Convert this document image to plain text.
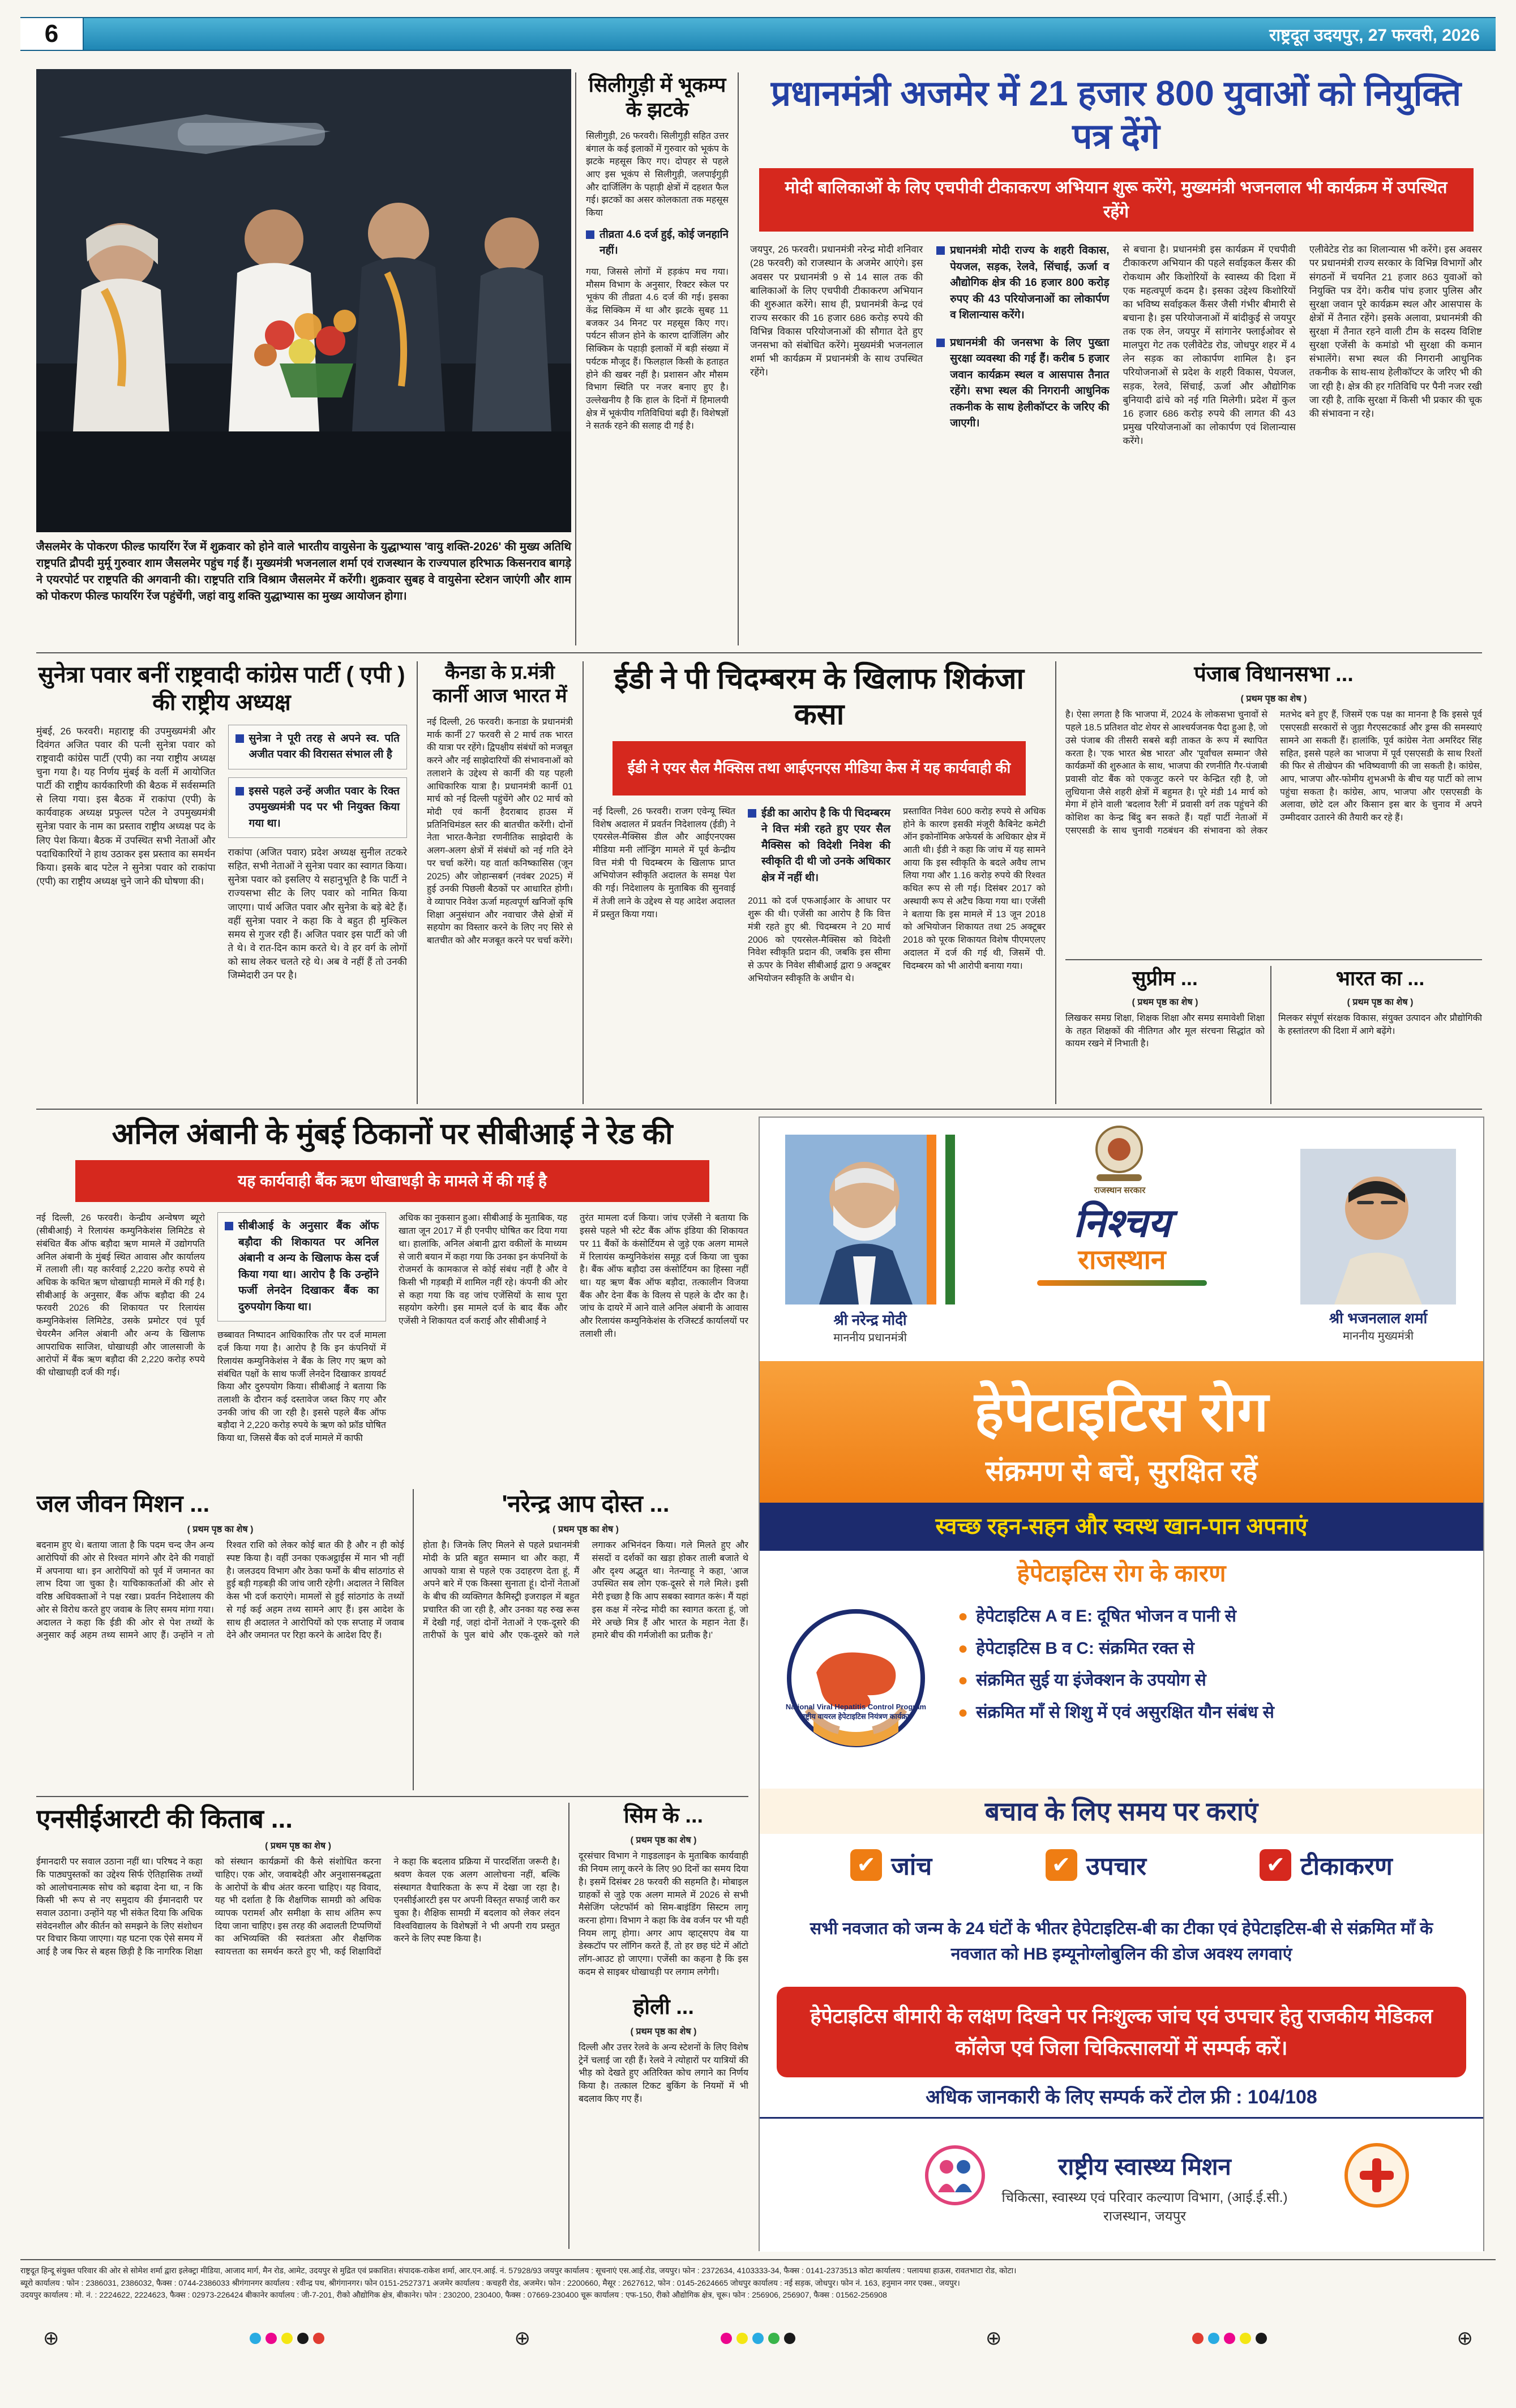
6	राष्ट्रदूत उदयपुर, 27 फरवरी, 2026
जैसलमेर के पोकरण फील्ड फायरिंग रेंज में शुक्रवार को होने वाले भारतीय वायुसेना के युद्धाभ्यास 'वायु शक्ति-2026' की मुख्य अतिथि राष्ट्रपति द्रौपदी मुर्मू गुरुवार शाम जैसलमेर पहुंच गई हैं। मुख्यमंत्री भजनलाल शर्मा एवं राजस्थान के राज्यपाल हरिभाऊ किसनराव बागड़े ने एयरपोर्ट पर राष्ट्रपति की अगवानी की। राष्ट्रपति रात्रि विश्राम जैसलमेर में करेंगी। शुक्रवार सुबह वे वायुसेना स्टेशन जाएंगी और शाम को पोकरण फील्ड फायरिंग रेंज पहुंचेंगी, जहां वायु शक्ति युद्धाभ्यास का मुख्य आयोजन होगा।
सिलीगुड़ी में भूकम्प के झटके
सिलीगुड़ी, 26 फरवरी। सिलीगुड़ी सहित उत्तर बंगाल के कई इलाकों में गुरुवार को भूकंप के झटके महसूस किए गए। दोपहर से पहले आए इस भूकंप से सिलीगुड़ी, जलपाईगुड़ी और दार्जिलिंग के पहाड़ी क्षेत्रों में दहशत फैल गई। झटकों का असर कोलकाता तक महसूस किया
तीव्रता 4.6 दर्ज हुई, कोई जनहानि नहीं।
गया, जिससे लोगों में हड़कंप मच गया। मौसम विभाग के अनुसार, रिक्टर स्केल पर भूकंप की तीव्रता 4.6 दर्ज की गई। इसका केंद्र सिक्किम में था और झटके सुबह 11 बजकर 34 मिनट पर महसूस किए गए। पर्यटन सीजन होने के कारण दार्जिलिंग और सिक्किम के पहाड़ी इलाकों में बड़ी संख्या में पर्यटक मौजूद हैं। फिलहाल किसी के हताहत होने की खबर नहीं है। प्रशासन और मौसम विभाग स्थिति पर नजर बनाए हुए है। उल्लेखनीय है कि हाल के दिनों में हिमालयी क्षेत्र में भूकंपीय गतिविधियां बढ़ी हैं। विशेषज्ञों ने सतर्क रहने की सलाह दी गई है।
प्रधानमंत्री अजमेर में 21 हजार 800 युवाओं को नियुक्ति पत्र देंगे
मोदी बालिकाओं के लिए एचपीवी टीकाकरण अभियान शुरू करेंगे, मुख्यमंत्री भजनलाल भी कार्यक्रम में उपस्थित रहेंगे
जयपुर, 26 फरवरी। प्रधानमंत्री नरेन्द्र मोदी शनिवार (28 फरवरी) को राजस्थान के अजमेर आएंगे। इस अवसर पर प्रधानमंत्री 9 से 14 साल तक की बालिकाओं के लिए एचपीवी टीकाकरण अभियान की शुरुआत करेंगे। साथ ही, प्रधानमंत्री केन्द्र एवं राज्य सरकार की 16 हजार 686 करोड़ रुपये की विभिन्न विकास परियोजनाओं की सौगात देते हुए जनसभा को संबोधित करेंगे। मुख्यमंत्री भजनलाल शर्मा भी कार्यक्रम में प्रधानमंत्री के साथ उपस्थित रहेंगे।
प्रधानमंत्री मोदी राज्य के शहरी विकास, पेयजल, सड़क, रेलवे, सिंचाई, ऊर्जा व औद्योगिक क्षेत्र की 16 हजार 800 करोड़ रुपए की 43 परियोजनाओं का लोकार्पण व शिलान्यास करेंगे।
प्रधानमंत्री की जनसभा के लिए पुख्ता सुरक्षा व्यवस्था की गई हैं। करीब 5 हजार जवान कार्यक्रम स्थल व आसपास तैनात रहेंगे। सभा स्थल की निगरानी आधुनिक तकनीक के साथ हेलीकॉप्टर के जरिए की जाएगी।
से बचाना है। प्रधानमंत्री इस कार्यक्रम में एचपीवी टीकाकरण अभियान की पहले सर्वाइकल कैंसर की रोकथाम और किशोरियों के स्वास्थ्य की दिशा में एक महत्वपूर्ण कदम है। इसका उद्देश्य किशोरियों का भविष्य सर्वाइकल कैंसर जैसी गंभीर बीमारी से बचाना है। इस परियोजनाओं में बांदीकुई से जयपुर तक एक लेन, जयपुर में सांगानेर फ्लाईओवर से मालपुरा गेट तक एलीवेटेड रोड, जोधपुर शहर में 4 लेन सड़क का लोकार्पण शामिल है। इन परियोजनाओं से प्रदेश के शहरी विकास, पेयजल, सड़क, रेलवे, सिंचाई, ऊर्जा और औद्योगिक बुनियादी ढांचे को नई गति मिलेगी। प्रदेश में कुल 16 हजार 686 करोड़ रुपये की लागत की 43 प्रमुख परियोजनाओं का लोकार्पण एवं शिलान्यास करेंगे।
एलीवेटेड रोड का शिलान्यास भी करेंगे। इस अवसर पर प्रधानमंत्री राज्य सरकार के विभिन्न विभागों और संगठनों में चयनित 21 हजार 863 युवाओं को नियुक्ति पत्र देंगे। करीब पांच हजार पुलिस और सुरक्षा जवान पूरे कार्यक्रम स्थल और आसपास के क्षेत्रों में तैनात रहेंगे। इसके अलावा, प्रधानमंत्री की सुरक्षा में तैनात रहने वाली टीम के सदस्य विशिष्ट सुरक्षा एजेंसी के कमांडो भी सुरक्षा की कमान संभालेंगे। सभा स्थल की निगरानी आधुनिक तकनीक के साथ-साथ हेलीकॉप्टर के जरिए भी की जा रही है। क्षेत्र की हर गतिविधि पर पैनी नजर रखी जा रही है, ताकि सुरक्षा में किसी भी प्रकार की चूक की संभावना न रहे।
सुनेत्रा पवार बनीं राष्ट्रवादी कांग्रेस पार्टी ( एपी ) की राष्ट्रीय अध्यक्ष
मुंबई, 26 फरवरी। महाराष्ट्र की उपमुख्यमंत्री और दिवंगत अजित पवार की पत्नी सुनेत्रा पवार को राष्ट्रवादी कांग्रेस पार्टी (एपी) का नया राष्ट्रीय अध्यक्ष चुना गया है। यह निर्णय मुंबई के वर्ली में आयोजित पार्टी की राष्ट्रीय कार्यकारिणी की बैठक में सर्वसम्मति से लिया गया। इस बैठक में राकांपा (एपी) के कार्यवाहक अध्यक्ष प्रफुल्ल पटेल ने उपमुख्यमंत्री सुनेत्रा पवार के नाम का प्रस्ताव राष्ट्रीय अध्यक्ष पद के लिए पेश किया। बैठक में उपस्थित सभी नेताओं और पदाधिकारियों ने हाथ उठाकर इस प्रस्ताव का समर्थन किया। इसके बाद पटेल ने सुनेत्रा पवार को राकांपा (एपी) का राष्ट्रीय अध्यक्ष चुने जाने की घोषणा की।
सुनेत्रा ने पूरी तरह से अपने स्व. पति अजीत पवार की विरासत संभाल ली है
इससे पहले उन्हें अजीत पवार के रिक्त उपमुख्यमंत्री पद पर भी नियुक्त किया गया था।
राकांपा (अजित पवार) प्रदेश अध्यक्ष सुनील तटकरे सहित, सभी नेताओं ने सुनेत्रा पवार का स्वागत किया। सुनेत्रा पवार को इसलिए ये सहानुभूति है कि पार्टी ने राज्यसभा सीट के लिए पवार को नामित किया जाएगा। पार्थ अजित पवार और सुनेत्रा के बड़े बेटे हैं। वहीं सुनेत्रा पवार ने कहा कि वे बहुत ही मुश्किल समय से गुजर रही हैं। अजित पवार इस पार्टी को जी ते थे। वे रात-दिन काम करते थे। वे हर वर्ग के लोगों को साथ लेकर चलते रहे थे। अब वे नहीं हैं तो उनकी जिम्मेदारी उन पर है।
कैनडा के प्र.मंत्री कार्नी आज भारत में
नई दिल्ली, 26 फरवरी। कनाडा के प्रधानमंत्री मार्क कार्नी 27 फरवरी से 2 मार्च तक भारत की यात्रा पर रहेंगे। द्विपक्षीय संबंधों को मजबूत करने और नई साझेदारियों की संभावनाओं को तलाशने के उद्देश्य से कार्नी की यह पहली आधिकारिक यात्रा है। प्रधानमंत्री कार्नी 01 मार्च को नई दिल्ली पहुंचेंगे और 02 मार्च को मोदी एवं कार्नी हैदराबाद हाउस में प्रतिनिधिमंडल स्तर की बातचीत करेंगी। दोनों नेता भारत-कैनेडा रणनीतिक साझेदारी के अलग-अलग क्षेत्रों में संबंधों को नई गति देने पर चर्चा करेंगे। यह वार्ता कनिष्कासिस (जून 2025) और जोहान्सबर्ग (नवंबर 2025) में हुई उनकी पिछली बैठकों पर आधारित होगी। वे व्यापार निवेश ऊर्जा महत्वपूर्ण खनिजों कृषि शिक्षा अनुसंधान और नवाचार जैसे क्षेत्रों में सहयोग का विस्तार करने के लिए नए सिरे से बातचीत को और मजबूत करने पर चर्चा करेंगे।
ईडी ने पी चिदम्बरम के खिलाफ शिकंजा कसा
ईडी ने एयर सैल मैक्सिस तथा आईएनएस मीडिया केस में यह कार्यवाही की
नई दिल्ली, 26 फरवरी। राजग एवेन्यू स्थित विशेष अदालत में प्रवर्तन निदेशालय (ईडी) ने एयरसेल-मैक्सिस डील और आईएनएक्स मीडिया मनी लॉन्ड्रिंग मामले में पूर्व केन्द्रीय वित्त मंत्री पी चिदम्बरम के खिलाफ प्राप्त अभियोजन स्वीकृति अदालत के समक्ष पेश की गई। निदेशालय के मुताबिक की सुनवाई में तेजी लाने के उद्देश्य से यह आदेश अदालत में प्रस्तुत किया गया।
ईडी का आरोप है कि पी चिदम्बरम ने वित्त मंत्री रहते हुए एयर सैल मैक्सिस को विदेशी निवेश की स्वीकृति दी थी जो उनके अधिकार क्षेत्र में नहीं थी।
2011 को दर्ज एफआईआर के आधार पर शुरू की थी। एजेंसी का आरोप है कि वित्त मंत्री रहते हुए श्री. चिदम्बरम ने 20 मार्च 2006 को एयरसेल-मैक्सिस को विदेशी निवेश स्वीकृति प्रदान की, जबकि इस सीमा से ऊपर के निवेश सीबीआई द्वारा 9 अक्टूबर अभियोजन स्वीकृति के अधीन थे।
प्रस्तावित निवेश 600 करोड़ रुपये से अधिक होने के कारण इसकी मंजूरी कैबिनेट कमेटी ऑन इकोनॉमिक अफेयर्स के अधिकार क्षेत्र में आती थी। ईडी ने कहा कि जांच में यह सामने आया कि इस स्वीकृति के बदले अवैध लाभ लिया गया और 1.16 करोड़ रुपये की रिश्वत कथित रूप से ली गई। दिसंबर 2017 को अस्थायी रूप से अटैच किया गया था। एजेंसी ने बताया कि इस मामले में 13 जून 2018 को अभियोजन शिकायत तथा 25 अक्टूबर 2018 को पूरक शिकायत विशेष पीएमएलए अदालत में दर्ज की गई थी, जिसमें पी. चिदम्बरम को भी आरोपी बनाया गया।
पंजाब विधानसभा ...
( प्रथम पृष्ठ का शेष )
है। ऐसा लगता है कि भाजपा में, 2024 के लोकसभा चुनावों से पहले 18.5 प्रतिशत वोट शेयर से आश्चर्यजनक पैदा हुआ है, जो उसे पंजाब की तीसरी सबसे बड़ी ताकत के रूप में स्थापित करता है। 'एक भारत श्रेष्ठ भारत' और 'पूर्वांचल सम्मान' जैसे कार्यक्रमों की शुरुआत के साथ, भाजपा की रणनीति गैर-पंजाबी प्रवासी वोट बैंक को एकजुट करने पर केन्द्रित रही है, जो लुधियाना जैसे शहरी क्षेत्रों में बहुमत है। पूरे मंडी 14 मार्च को मेगा में होने वाली 'बदलाव रैली' में प्रवासी वर्ग तक पहुंचने की कोशिश का केन्द्र बिंदु बन सकते हैं। यहाँ पार्टी नेताओं में एसएसडी के साथ चुनावी गठबंधन की संभावना को लेकर मतभेद बने हुए हैं, जिसमें एक पक्ष का मानना है कि इससे पूर्व एसएसडी सरकारों से जुड़ा गैरएसटकार्ड और ड्रग्स की समस्याएं सामने आ सकती हैं। हालांकि, पूर्व कांग्रेस नेता अमरिंदर सिंह सहित, इससे पहले का भाजपा में पूर्व एसएसडी के साथ रिश्तों की फिर से तीखेपन की भविष्यवाणी की जा सकती है। कांग्रेस, आप, भाजपा और-फोमीय शुभअभी के बीच यह पार्टी को लाभ पहुंचा सकता है। कांग्रेस, आप, भाजपा और एसएसडी के अलावा, छोटे दल और किसान इस बार के चुनाव में अपने उम्मीदवार उतारने की तैयारी कर रहे हैं।
सुप्रीम ...
( प्रथम पृष्ठ का शेष )
लिखकर समग्र शिक्षा, शिक्षक शिक्षा और समग्र समावेशी शिक्षा के तहत शिक्षकों की नीतिगत और मूल संरचना सिद्धांत को कायम रखने में निभाती है।
भारत का ...
( प्रथम पृष्ठ का शेष )
मिलकर संपूर्ण संरक्षक विकास, संयुक्त उत्पादन और प्रौद्योगिकी के हस्तांतरण की दिशा में आगे बढ़ेंगे।
अनिल अंबानी के मुंबई ठिकानों पर सीबीआई ने रेड की
यह कार्यवाही बैंक ऋण धोखाधड़ी के मामले में की गई है
नई दिल्ली, 26 फरवरी। केन्द्रीय अन्वेषण ब्यूरो (सीबीआई) ने रिलायंस कम्युनिकेशंस लिमिटेड से संबंधित बैंक ऑफ बड़ौदा ऋण मामले में उद्योगपति अनिल अंबानी के मुंबई स्थित आवास और कार्यालय में तलाशी ली। यह कार्रवाई 2,220 करोड़ रुपये से अधिक के कथित ऋण धोखाधड़ी मामले में की गई है। सीबीआई के अनुसार, बैंक ऑफ बड़ौदा की 24 फरवरी 2026 की शिकायत पर रिलायंस कम्युनिकेशंस लिमिटेड, उसके प्रमोटर एवं पूर्व चेयरमैन अनिल अंबानी और अन्य के खिलाफ आपराधिक साजिश, धोखाधड़ी और जालसाजी के आरोपों में बैंक ऋण बड़ौदा की 2,220 करोड़ रुपये की धोखाधड़ी दर्ज की गई।
सीबीआई के अनुसार बैंक ऑफ बड़ौदा की शिकायत पर अनिल अंबानी व अन्य के खिलाफ केस दर्ज किया गया था। आरोप है कि उन्होंने फर्जी लेनदेन दिखाकर बैंक का दुरुपयोग किया था।
छब्बावत निष्पादन आधिकारिक तौर पर दर्ज मामला दर्ज किया गया है। आरोप है कि इन कंपनियों में रिलायंस कम्युनिकेशंस ने बैंक के लिए गए ऋण को संबंधित पक्षों के साथ फर्जी लेनदेन दिखाकर डायवर्ट किया और दुरुपयोग किया। सीबीआई ने बताया कि तलाशी के दौरान कई दस्तावेज जब्त किए गए और उनकी जांच की जा रही है। इससे पहले बैंक ऑफ बड़ौदा ने 2,220 करोड़ रुपये के ऋण को फ्रॉड घोषित किया था, जिससे बैंक को दर्ज मामले में काफी
अधिक का नुकसान हुआ। सीबीआई के मुताबिक, यह खाता जून 2017 में ही एनपीए घोषित कर दिया गया था। हालांकि, अनिल अंबानी द्वारा वकीलों के माध्यम से जारी बयान में कहा गया कि उनका इन कंपनियों के रोजमर्रा के कामकाज से कोई संबंध नहीं है और वे किसी भी गड़बड़ी में शामिल नहीं रहे। कंपनी की ओर से कहा गया कि वह जांच एजेंसियों के साथ पूरा सहयोग करेगी। इस मामले दर्ज के बाद बैंक और एजेंसी ने शिकायत दर्ज कराई और सीबीआई ने
तुरंत मामला दर्ज किया। जांच एजेंसी ने बताया कि इससे पहले भी स्टेट बैंक ऑफ इंडिया की शिकायत पर 11 बैंकों के कंसोर्टियम से जुड़े एक अलग मामले में रिलायंस कम्युनिकेशंस समूह दर्ज किया जा चुका है। बैंक ऑफ बड़ौदा उस कंसोर्टियम का हिस्सा नहीं था। यह ऋण बैंक ऑफ बड़ौदा, तत्कालीन विजया बैंक और देना बैंक के विलय से पहले के दौर का है। जांच के दायरे में आने वाले अनिल अंबानी के आवास और रिलायंस कम्युनिकेशंस के रजिस्टर्ड कार्यालयों पर तलाशी ली।
जल जीवन मिशन ...
( प्रथम पृष्ठ का शेष )
बदनाम हुए थे। बताया जाता है कि पदम चन्द जैन अन्य आरोपियों की ओर से रिश्वत मांगने और देने की गवाहों में अपनाया था। इन आरोपियों को पूर्व में जमानत का लाभ दिया जा चुका है। याचिकाकर्ताओं की ओर से वरिष्ठ अधिवक्ताओं ने पक्ष रखा। प्रवर्तन निदेशालय की ओर से विरोध करते हुए जवाब के लिए समय मांगा गया। अदालत ने कहा कि ईडी की ओर से पेश तथ्यों के अनुसार कई अहम तथ्य सामने आए हैं। उन्होंने न तो रिश्वत राशि को लेकर कोई बात की है और न ही कोई स्पष्ट किया है। वहीं उनका एकअट्ठाईस में मान भी नहीं है। जलउदय विभाग और ठेका फर्मों के बीच सांठगांठ से हुई बड़ी गड़बड़ी की जांच जारी रहेगी। अदालत ने सिविल केस भी दर्ज कराएंगे। मामलों से हुई सांठगांठ के तथ्यों से गई कई अहम तथ्य सामने आए हैं। इस आदेश के साथ ही अदालत ने आरोपियों को एक सप्ताह में जवाब देने और जमानत पर रिहा करने के आदेश दिए हैं।
'नरेन्द्र आप दोस्त ...
( प्रथम पृष्ठ का शेष )
होता है। जिनके लिए मिलने से पहले प्रधानमंत्री मोदी के प्रति बहुत सम्मान था और कहा, मैं आपको यात्रा से पहले एक उदाहरण देता हूं, मैं अपने बारे में एक किस्सा सुनाता हूं। दोनों नेताओं के बीच की व्यक्तिगत कैमिस्ट्री इजराइल में बहुत प्रचारित की जा रही है, और उनका यह रुख रूस में देखी गई, जहां दोनों नेताओं ने एक-दूसरे की तारीफों के पुल बांधे और एक-दूसरे को गले लगाकर अभिनंदन किया। गले मिलते हुए और संसदों व दर्शकों का खड़ा होकर ताली बजाते थे और दृश्य अद्भुत था। नेतन्याहू ने कहा, 'आज उपस्थित सब लोग एक-दूसरे से गले मिले। इसी मेरी इच्छा है कि आप सबका स्वागत करूं। मैं यहां इस कक्ष में नरेन्द्र मोदी का स्वागत करता हूं, जो मेरे अच्छे मित्र हैं और भारत के महान नेता हैं। हमारे बीच की गर्मजोशी का प्रतीक है।'
एनसीईआरटी की किताब ...
( प्रथम पृष्ठ का शेष )
ईमानदारी पर सवाल उठाना नहीं था। परिषद ने कहा कि पाठ्यपुस्तकों का उद्देश्य सिर्फ ऐतिहासिक तथ्यों को आलोचनात्मक सोच को बढ़ावा देना था, न कि किसी भी रूप से नए समुदाय की ईमानदारी पर सवाल उठाना। उन्होंने यह भी संकेत दिया कि अधिक संवेदनशील और कीर्तन को समझने के लिए संशोधन पर विचार किया जाएगा। यह घटना एक ऐसे समय में आई है जब फिर से बहस छिड़ी है कि नागरिक शिक्षा को संस्थान कार्यक्रमों की कैसे संशोधित करना चाहिए। एक ओर, जवाबदेही और अनुशासनबद्धता के आरोपों के बीच अंतर करना चाहिए। यह विवाद, यह भी दर्शाता है कि शैक्षणिक सामग्री को अधिक व्यापक परामर्श और समीक्षा के साथ अंतिम रूप दिया जाना चाहिए। इस तरह की अदालती टिप्पणियों का अभिव्यक्ति की स्वतंत्रता और शैक्षणिक स्वायत्तता का समर्थन करते हुए भी, कई शिक्षाविदों ने कहा कि बदलाव प्रक्रिया में पारदर्शिता जरूरी है। श्रवण केवल एक अलग आलोचना नहीं, बल्कि संस्थागत वैचारिकता के रूप में देखा जा रहा है। एनसीईआरटी इस पर अपनी विस्तृत सफाई जारी कर चुका है। शैक्षिक सामग्री में बदलाव को लेकर लंदन विश्वविद्यालय के विशेषज्ञों ने भी अपनी राय प्रस्तुत करने के लिए स्पष्ट किया है।
सिम के ...
( प्रथम पृष्ठ का शेष )
दूरसंचार विभाग ने गाइडलाइन के मुताबिक कार्यवाही की नियम लागू करने के लिए 90 दिनों का समय दिया है। इसमें दिसंबर 28 फरवरी की सहमति है। मोबाइल ग्राहकों से जुड़े एक अलग मामले में 2026 से सभी मैसेजिंग प्लेटफॉर्म को सिम-बाइंडिंग सिस्टम लागू करना होगा। विभाग ने कहा कि वेब वर्जन पर भी यही नियम लागू होगा। अगर आप व्हाट्सएप वेब या डेस्कटॉप पर लॉगिन करते हैं, तो हर छह घंटे में ऑटो लॉग-आउट हो जाएगा। एजेंसी का कहना है कि इस कदम से साइबर धोखाधड़ी पर लगाम लगेगी।
होली ...
( प्रथम पृष्ठ का शेष )
दिल्ली और उत्तर रेलवे के अन्य स्टेशनों के लिए विशेष ट्रेनें चलाई जा रही हैं। रेलवे ने त्योहारों पर यात्रियों की भीड़ को देखते हुए अतिरिक्त कोच लगाने का निर्णय किया है। तत्काल टिकट बुकिंग के नियमों में भी बदलाव किए गए हैं।
राजस्थान सरकार
श्री नरेन्द्र मोदी
माननीय प्रधानमंत्री
निश्चय
राजस्थान
श्री भजनलाल शर्मा
माननीय मुख्यमंत्री
हेपेटाइटिस रोग
संक्रमण से बचें, सुरक्षित रहें
स्वच्छ रहन-सहन और स्वस्थ खान-पान अपनाएं
हेपेटाइटिस रोग के कारण
National Viral Hepatitis Control Program
राष्ट्रीय वायरल हेपेटाइटिस नियंत्रण कार्यक्रम
● हेपेटाइटिस A व E: दूषित भोजन व पानी से
● हेपेटाइटिस B व C: संक्रमित रक्त से
● संक्रमित सुई या इंजेक्शन के उपयोग से
● संक्रमित माँ से शिशु में एवं असुरक्षित यौन संबंध से
बचाव के लिए समय पर कराएं
✔ जांच	✔ उपचार	✔ टीकाकरण
सभी नवजात को जन्म के 24 घंटों के भीतर हेपेटाइटिस-बी का टीका एवं हेपेटाइटिस-बी से संक्रमित माँ के नवजात को HB इम्यूनोग्लोबुलिन की डोज अवश्य लगवाएं
हेपेटाइटिस बीमारी के लक्षण दिखने पर निःशुल्क जांच एवं उपचार हेतु राजकीय मेडिकल कॉलेज एवं जिला चिकित्सालयों में सम्पर्क करें।
अधिक जानकारी के लिए सम्पर्क करें टोल फ्री : 104/108
राष्ट्रीय स्वास्थ्य मिशन
चिकित्सा, स्वास्थ्य एवं परिवार कल्याण विभाग, (आई.ई.सी.) राजस्थान, जयपुर
राष्ट्रदूत हिन्दू संयुक्त परिवार की ओर से सोमेश शर्मा द्वारा इलेक्ट्रा मीडिया, आजाद मार्ग, मैन रोड, आमेट, उदयपुर से मुद्रित एवं प्रकाशित। संपादक-राकेश शर्मा, आर.एन.आई. नं. 57928/93 जयपुर कार्यालय : सूचनाएं एस.आई.रोड, जयपुर। फोन : 2372634, 4103333-34, फैक्स : 0141-2373513 कोटा कार्यालय : पलायथा हाऊस, रावतभाटा रोड, कोटा।
ब्यूरो कार्यालय : फोन : 2386031, 2386032, फैक्स : 0744-2386033 श्रीगंगानगर कार्यालय : रवीन्द्र पथ, श्रीगंगानगर। फोन 0151-2527371 अजमेर कार्यालय : कचहरी रोड, अजमेर। फोन : 2200660, मैसूर : 2627612, फोन : 0145-2624665 जोधपुर कार्यालय : नई सड़क, जोधपुर। फोन नं. 163, हनुमान नगर एक्स., जयपुर।
उदयपुर कार्यालय : मो. नं. : 2224622, 2224623, फैक्स : 02973-226424 बीकानेर कार्यालय : जी-7-201, रीको औद्योगिक क्षेत्र, बीकानेर। फोन : 230200, 230400, फैक्स : 07669-230400 चूरू कार्यालय : एफ-150, रीको औद्योगिक क्षेत्र, चूरू। फोन : 256906, 256907, फैक्स : 01562-256908
⊕	⊕	⊕	⊕
